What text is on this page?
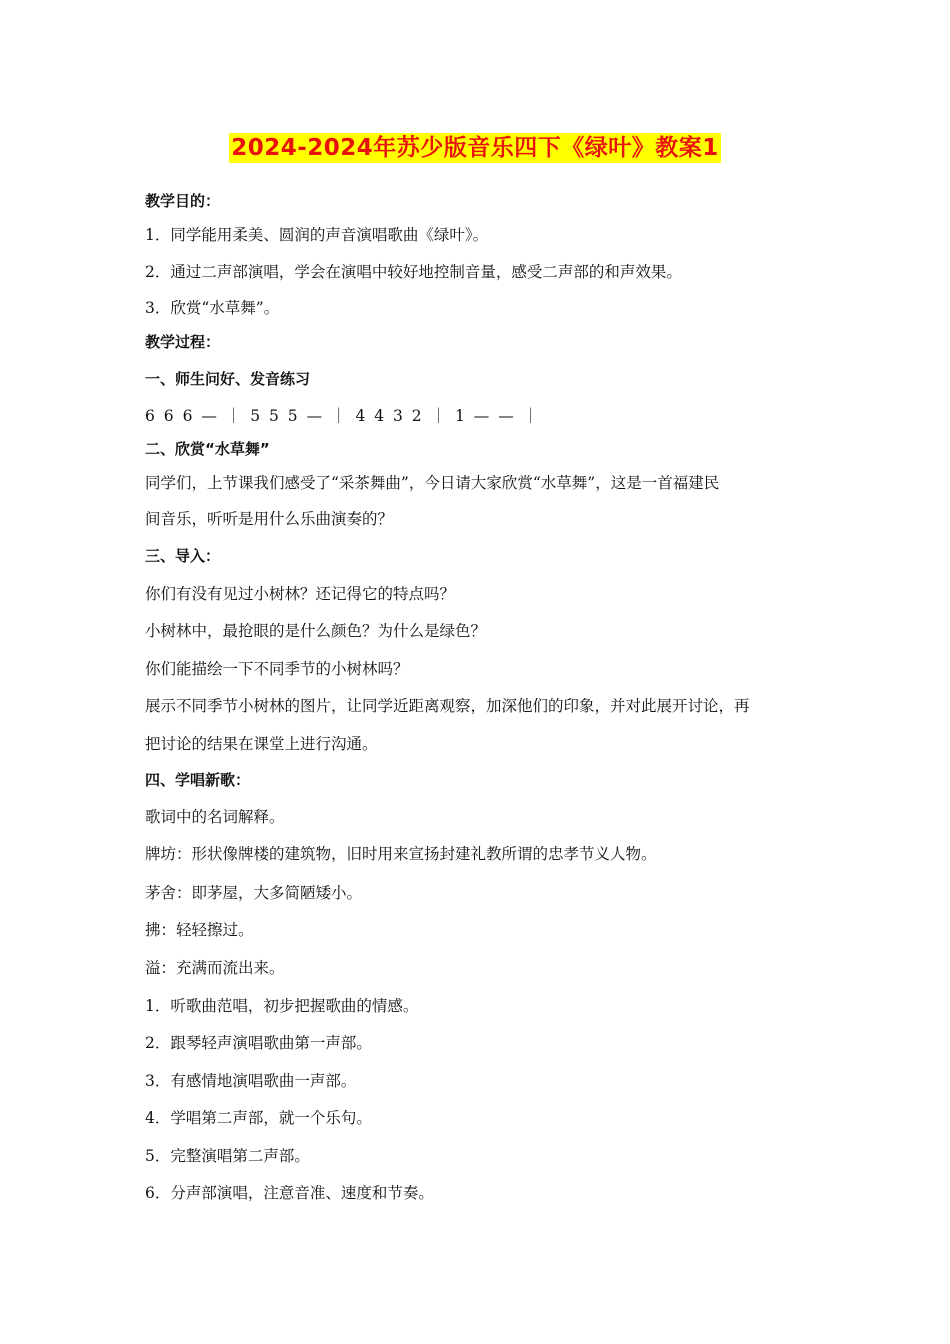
2024-2024年苏少版音乐四下《绿叶》教案1
教学目的：
1．同学能用柔美、圆润的声音演唱歌曲《绿叶》。
2．通过二声部演唱，学会在演唱中较好地控制音量，感受二声部的和声效果。
3．欣赏“水草舞”。
教学过程：
一、师生问好、发音练习
6 6 6 — ｜ 5 5 5 — ｜ 4 4 3 2 ｜ 1 — — ｜
二、欣赏“水草舞”
同学们，上节课我们感受了“采茶舞曲”，今日请大家欣赏“水草舞”，这是一首福建民
间音乐，听听是用什么乐曲演奏的？
三、导入：
你们有没有见过小树林？还记得它的特点吗？
小树林中，最抢眼的是什么颜色？为什么是绿色？
你们能描绘一下不同季节的小树林吗？
展示不同季节小树林的图片，让同学近距离观察，加深他们的印象，并对此展开讨论，再
把讨论的结果在课堂上进行沟通。
四、学唱新歌：
歌词中的名词解释。
牌坊：形状像牌楼的建筑物，旧时用来宣扬封建礼教所谓的忠孝节义人物。
茅舍：即茅屋，大多简陋矮小。
拂：轻轻擦过。
溢：充满而流出来。
1．听歌曲范唱，初步把握歌曲的情感。
2．跟琴轻声演唱歌曲第一声部。
3．有感情地演唱歌曲一声部。
4．学唱第二声部，就一个乐句。
5．完整演唱第二声部。
6．分声部演唱，注意音准、速度和节奏。
